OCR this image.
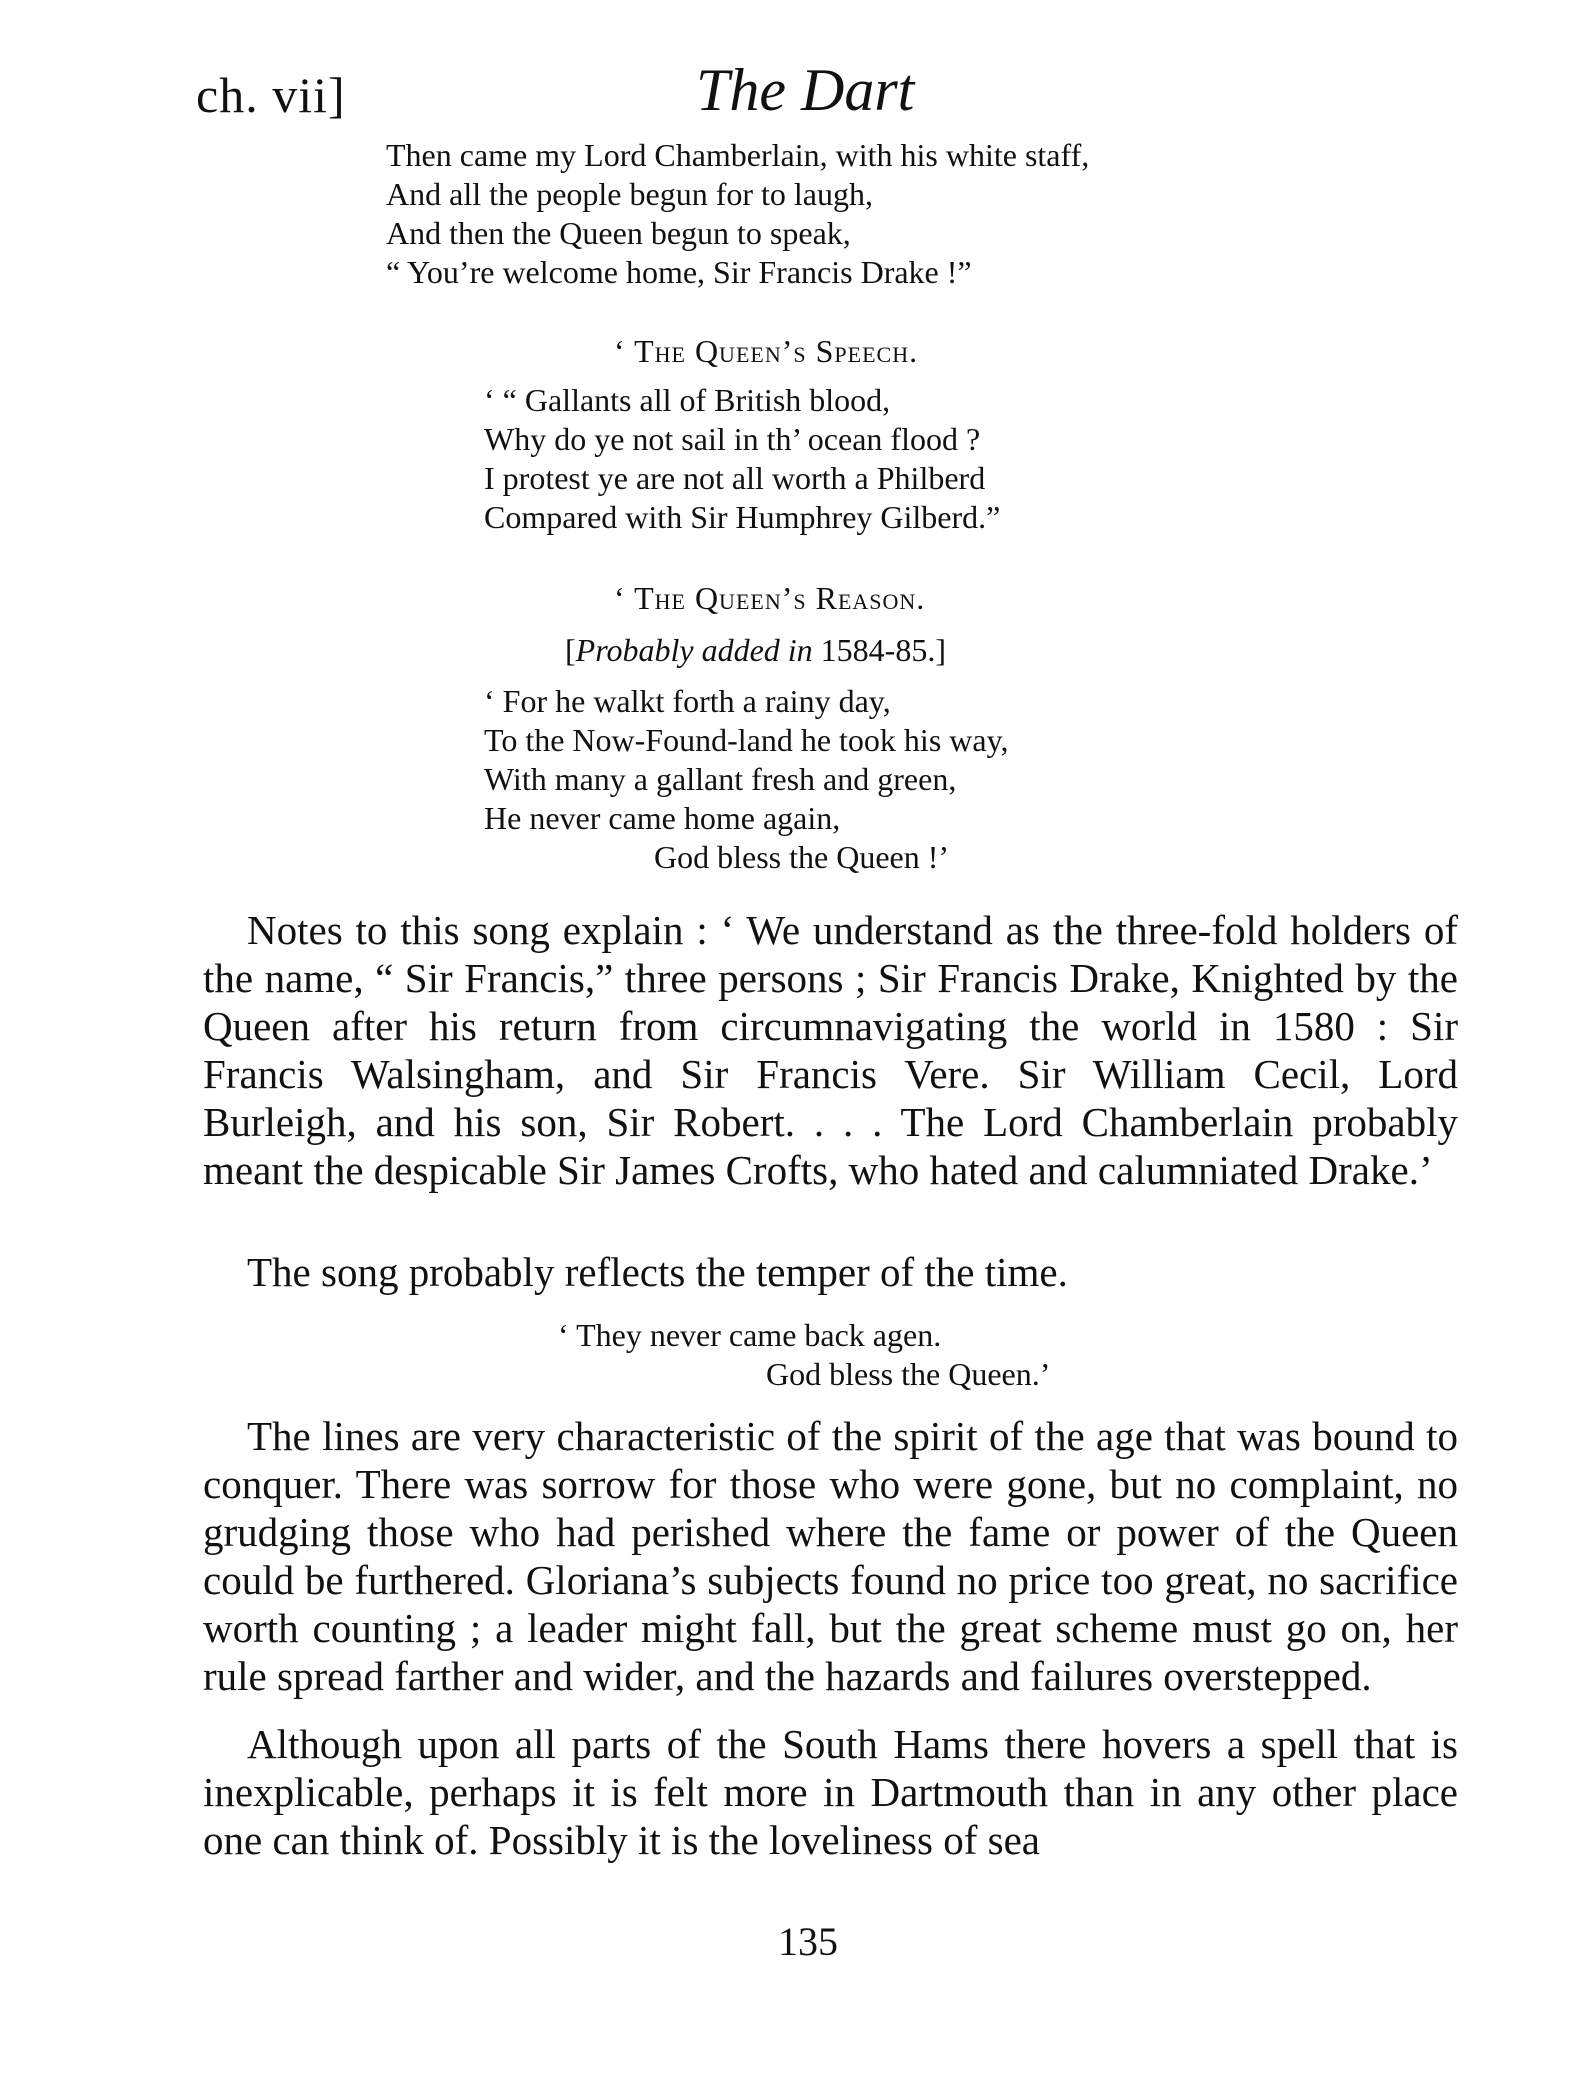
ch. vii]	The Dart
Then came my Lord Chamberlain, with his white staff,
And all the people begun for to laugh,
And then the Queen begun to speak,
“ You’re welcome home, Sir Francis Drake !”
‘ The Queen’s Speech.
‘ “ Gallants all of British blood,
Why do ye not sail in th’ ocean flood ?
I protest ye are not all worth a Philberd
Compared with Sir Humphrey Gilberd.”
‘ The Queen’s Reason.
[Probably added in 1584-85.]
‘ For he walkt forth a rainy day,
To the Now-Found-land he took his way,
With many a gallant fresh and green,
He never came home again,
God bless the Queen !’

Notes to this song explain : ‘ We understand as the three-fold holders of the name, “ Sir Francis,” three persons ; Sir Francis Drake, Knighted by the Queen after his return from circumnavigating the world in 1580 : Sir Francis Walsingham, and Sir Francis Vere. Sir William Cecil, Lord Burleigh, and his son, Sir Robert. . . . The Lord Chamberlain probably meant the despicable Sir James Crofts, who hated and calumniated Drake.’

The song probably reflects the temper of the time.

‘ They never came back agen.
God bless the Queen.’

The lines are very characteristic of the spirit of the age that was bound to conquer. There was sorrow for those who were gone, but no complaint, no grudging those who had perished where the fame or power of the Queen could be furthered. Gloriana’s subjects found no price too great, no sacrifice worth counting ; a leader might fall, but the great scheme must go on, her rule spread farther and wider, and the hazards and failures overstepped.

Although upon all parts of the South Hams there hovers a spell that is inexplicable, perhaps it is felt more in Dartmouth than in any other place one can think of. Possibly it is the loveliness of sea

135
